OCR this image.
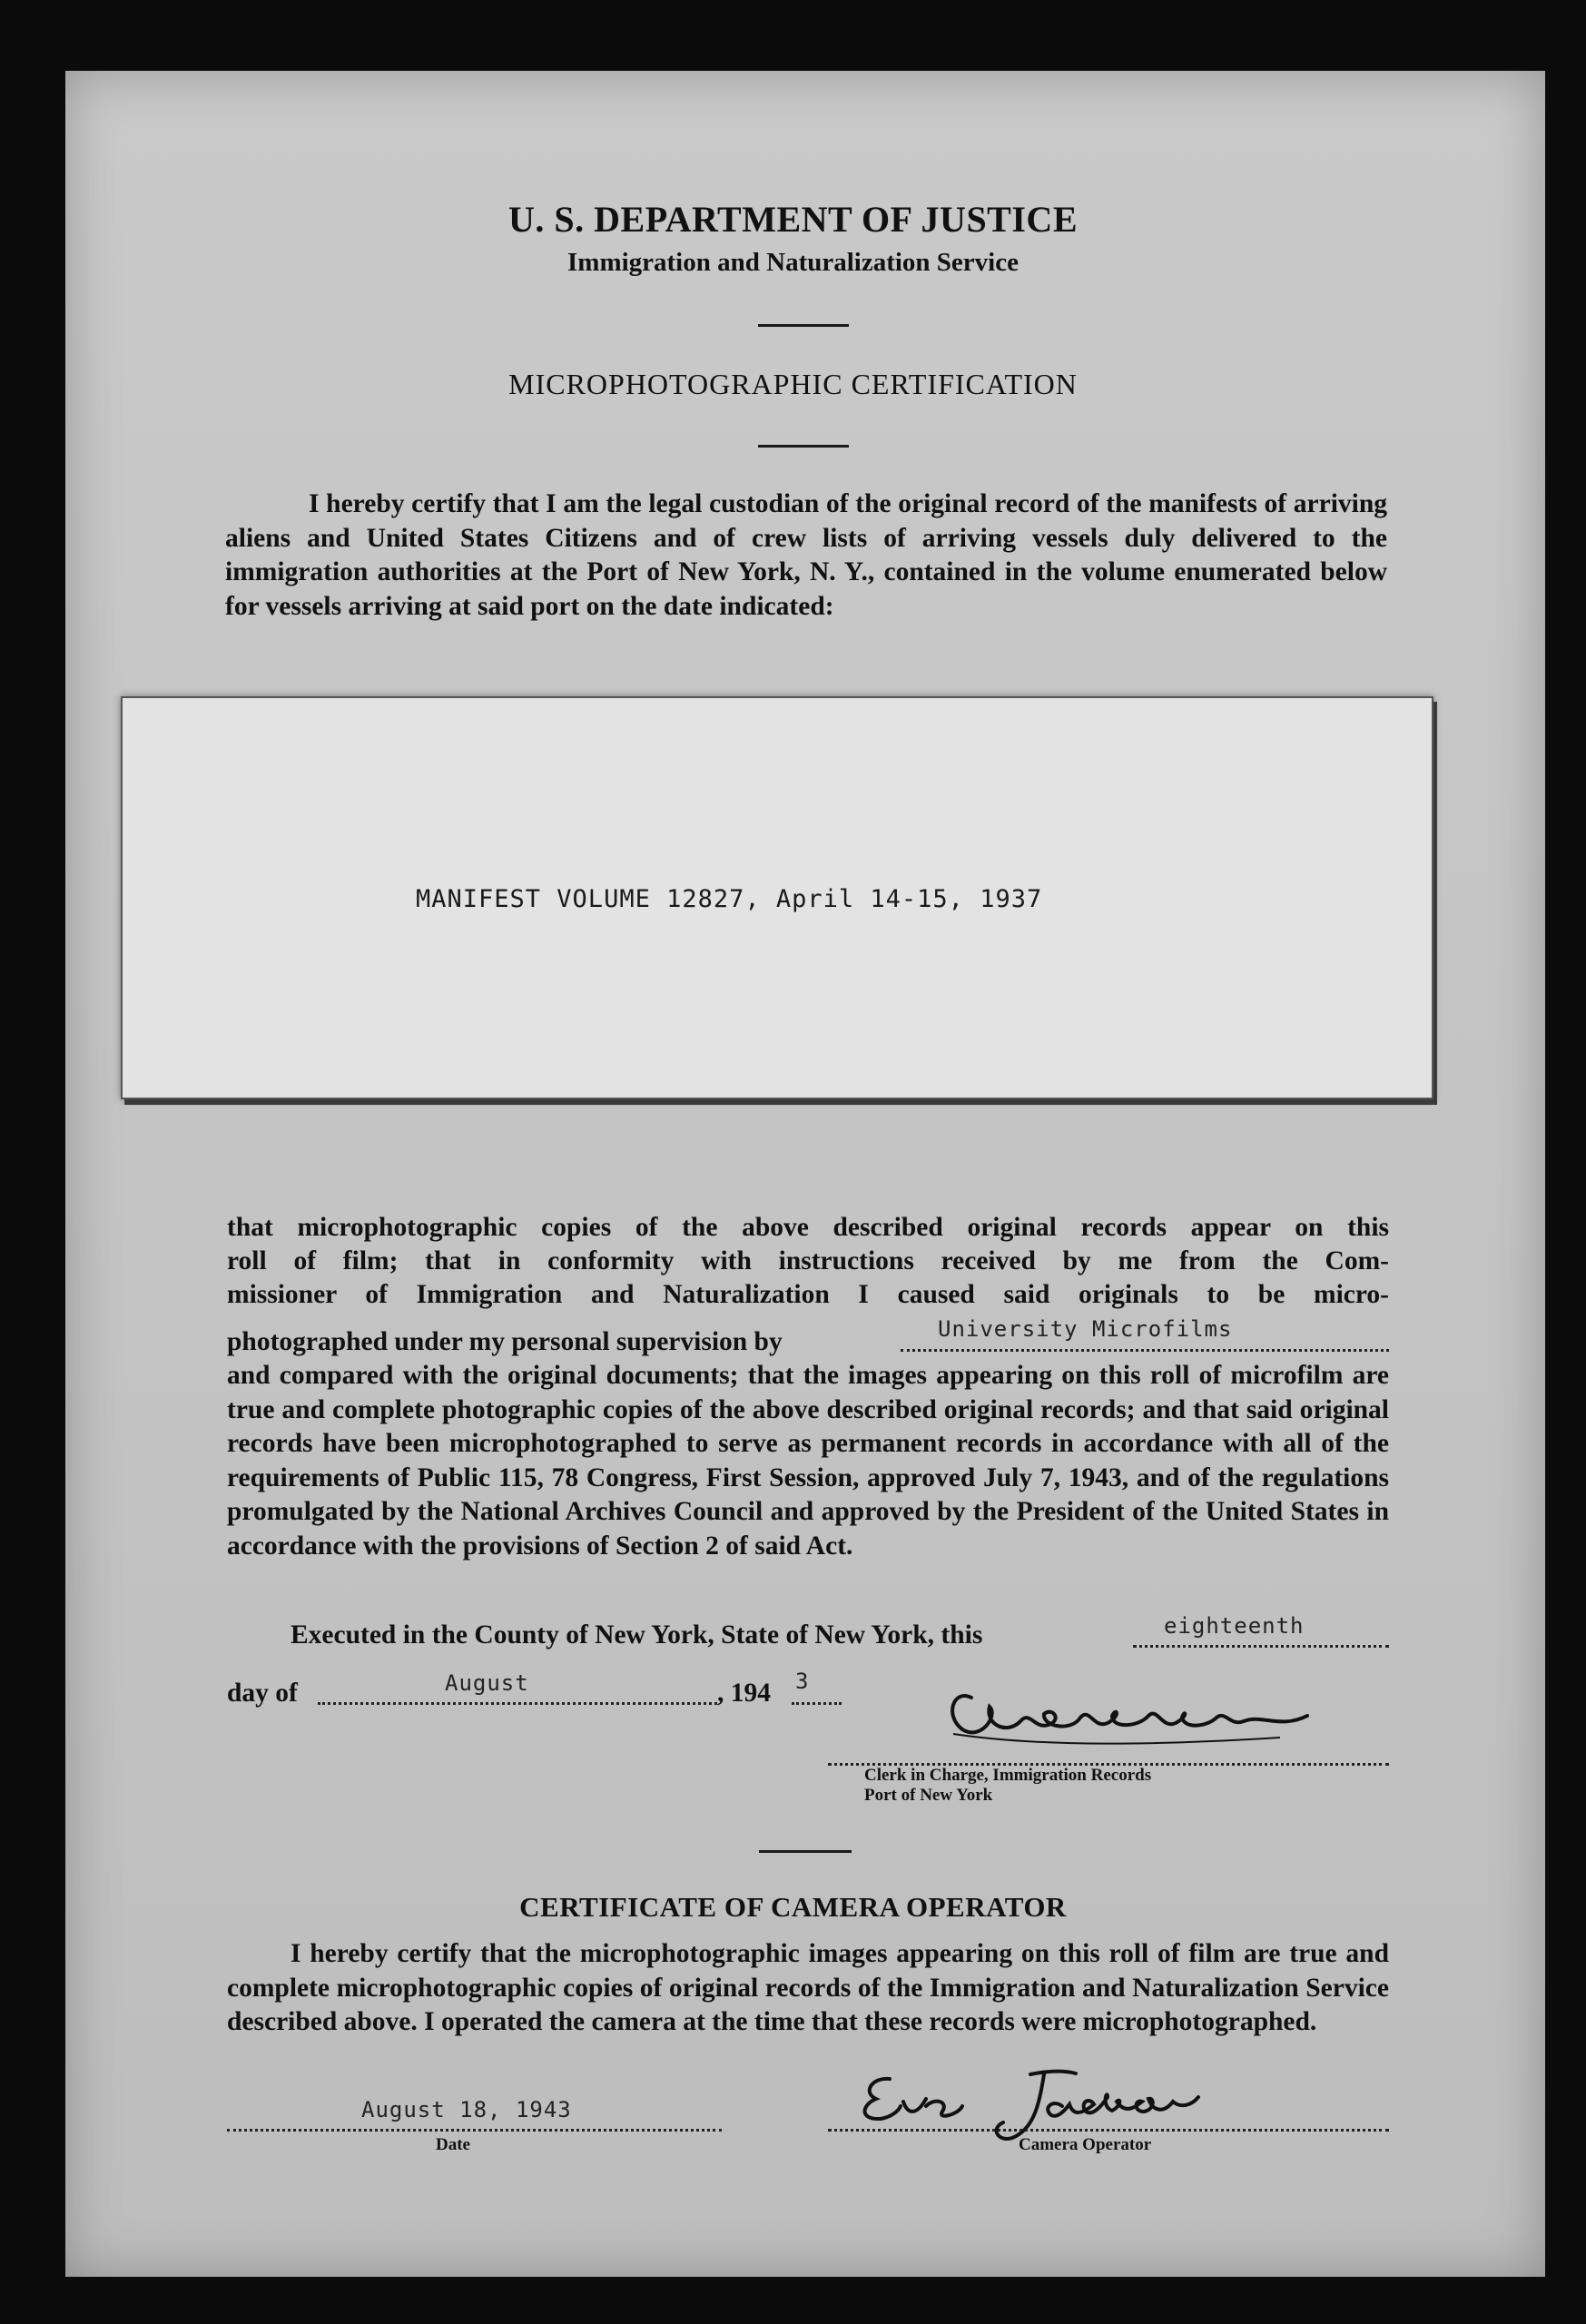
U. S. DEPARTMENT OF JUSTICE
Immigration and Naturalization Service
MICROPHOTOGRAPHIC CERTIFICATION
I hereby certify that I am the legal custodian of the original record of the manifests of arriving aliens and United States Citizens and of crew lists of arriving vessels duly delivered to the immigration authorities at the Port of New York, N. Y., contained in the volume enumerated below for vessels arriving at said port on the date indicated:
MANIFEST VOLUME 12827, April 14-15, 1937
that microphotographic copies of the above described original records appear on this
roll of film; that in conformity with instructions received by me from the Com-
missioner of Immigration and Naturalization I caused said originals to be micro-
photographed under my personal supervision by	University Microfilms
and compared with the original documents; that the images appearing on this roll of microfilm are true and complete photographic copies of the above described original records; and that said original records have been microphotographed to serve as permanent records in accordance with all of the requirements of Public 115, 78 Congress, First Session, approved July 7, 1943, and of the regulations promulgated by the National Archives Council and approved by the President of the United States in accordance with the provisions of Section 2 of said Act.
Executed in the County of New York, State of New York, this	eighteenth
day of	August	, 194 3
Clerk in Charge, Immigration Records
Port of New York
CERTIFICATE OF CAMERA OPERATOR
I hereby certify that the microphotographic images appearing on this roll of film are true and complete microphotographic copies of original records of the Immigration and Naturalization Service described above. I operated the camera at the time that these records were microphotographed.
August 18, 1943
Date	Camera Operator
